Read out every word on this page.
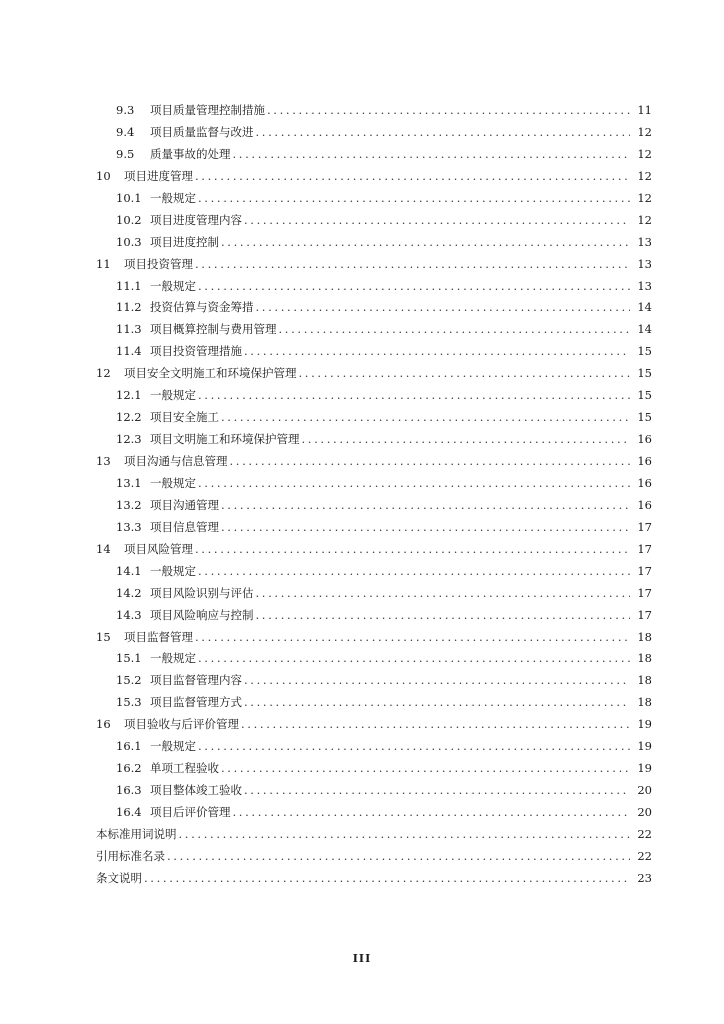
9.3	项目质量管理控制措施 . . .	11
9.4	项目质量监督与改进 . . .	12
9.5	质量事故的处理 . . .	12
10	项目进度管理 . . .	12
10.1 一般规定 . . .	12
10.2 项目进度管理内容 . . .	12
10.3 项目进度控制 . . .	13
11	项目投资管理 . . .	13
11.1 一般规定 . . .	13
11.2 投资估算与资金筹措 . . .	14
11.3 项目概算控制与费用管理 . . .	14
11.4 项目投资管理措施 . . .	15
12	项目安全文明施工和环境保护管理 . . .	15
12.1 一般规定 . . .	15
12.2 项目安全施工 . . .	15
12.3 项目文明施工和环境保护管理 . . .	16
13	项目沟通与信息管理 . . .	16
13.1 一般规定 . . .	16
13.2 项目沟通管理 . . .	16
13.3 项目信息管理 . . .	17
14	项目风险管理 . . .	17
14.1 一般规定 . . .	17
14.2 项目风险识别与评估 . . .	17
14.3 项目风险响应与控制 . . .	17
15	项目监督管理 . . .	18
15.1 一般规定 . . .	18
15.2 项目监督管理内容 . . .	18
15.3 项目监督管理方式 . . .	18
16	项目验收与后评价管理 . . .	19
16.1 一般规定 . . .	19
16.2 单项工程验收 . . .	19
16.3 项目整体竣工验收 . . .	20
16.4 项目后评价管理 . . .	20
本标准用词说明 . . .	22
引用标准名录 . . .	22
条文说明 . . .	23
III
